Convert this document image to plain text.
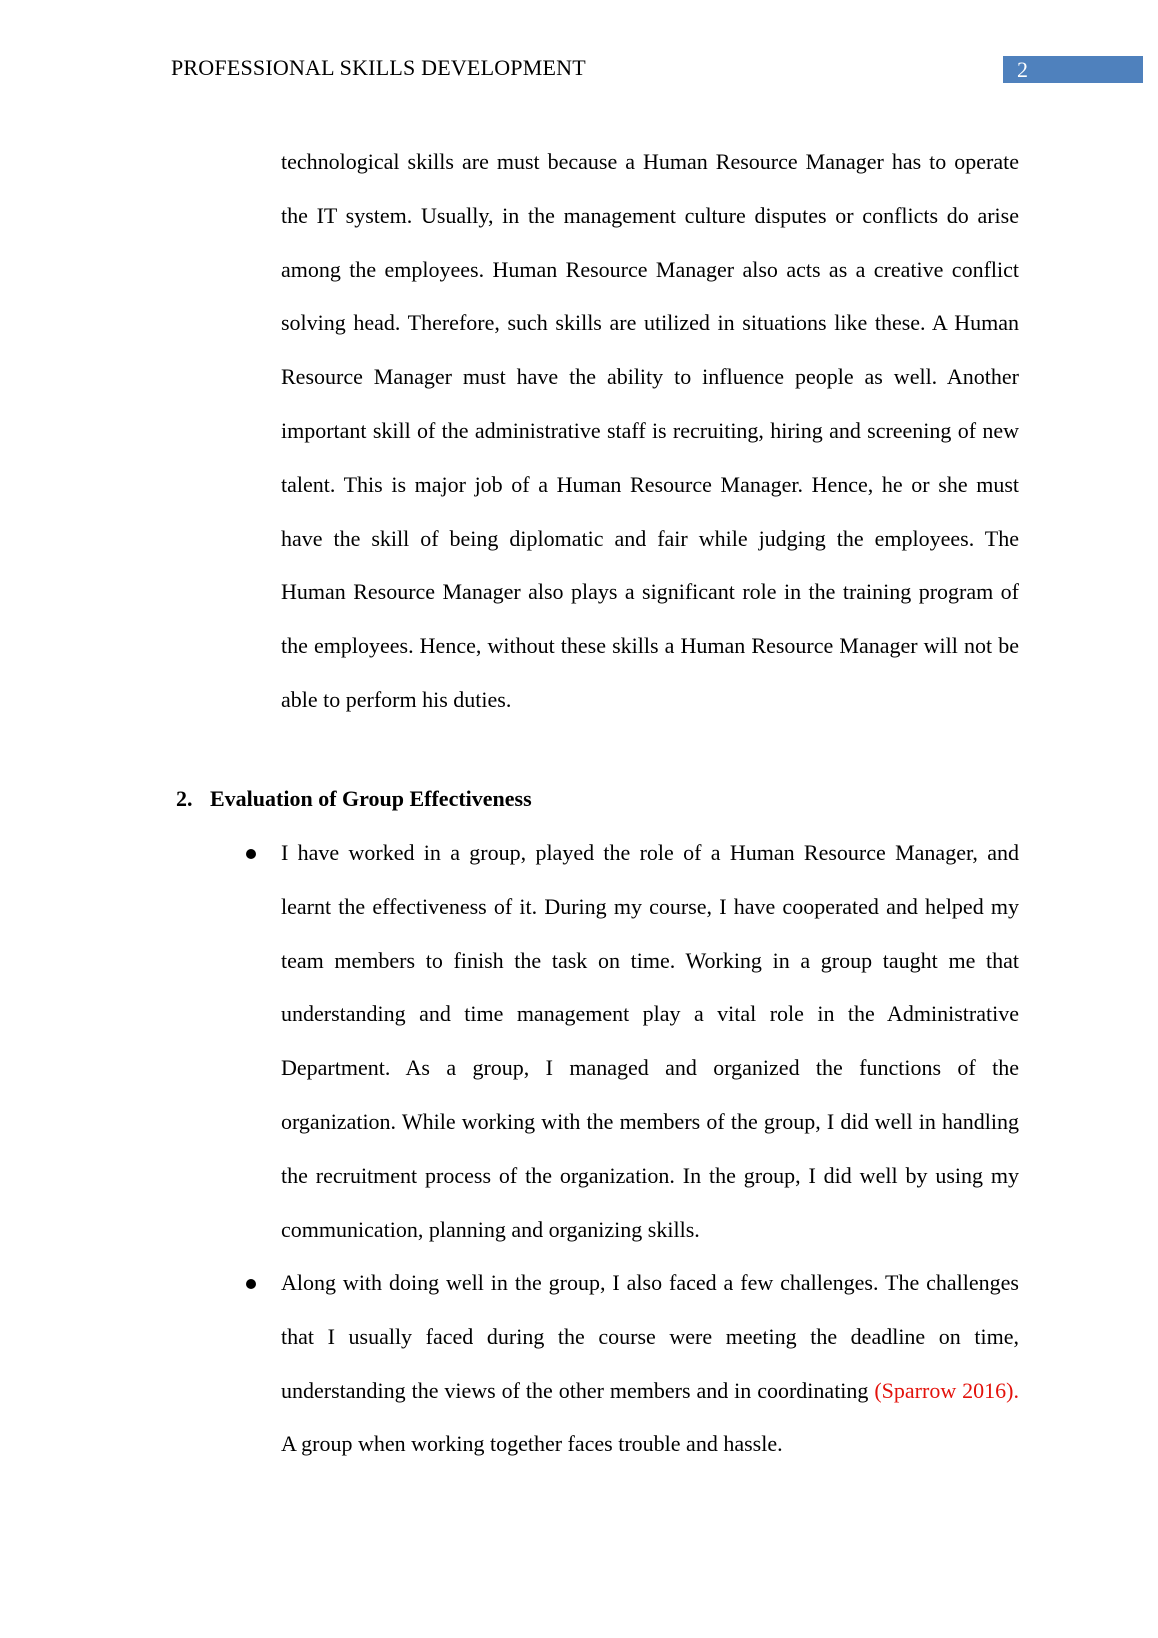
PROFESSIONAL SKILLS DEVELOPMENT	2

technological skills are must because a Human Resource Manager has to operate the IT system. Usually, in the management culture disputes or conflicts do arise among the employees. Human Resource Manager also acts as a creative conflict solving head. Therefore, such skills are utilized in situations like these. A Human Resource Manager must have the ability to influence people as well. Another important skill of the administrative staff is recruiting, hiring and screening of new talent. This is major job of a Human Resource Manager. Hence, he or she must have the skill of being diplomatic and fair while judging the employees. The Human Resource Manager also plays a significant role in the training program of the employees. Hence, without these skills a Human Resource Manager will not be able to perform his duties.

2. Evaluation of Group Effectiveness
I have worked in a group, played the role of a Human Resource Manager, and learnt the effectiveness of it. During my course, I have cooperated and helped my team members to finish the task on time. Working in a group taught me that understanding and time management play a vital role in the Administrative Department. As a group, I managed and organized the functions of the organization. While working with the members of the group, I did well in handling the recruitment process of the organization. In the group, I did well by using my communication, planning and organizing skills.
Along with doing well in the group, I also faced a few challenges. The challenges that I usually faced during the course were meeting the deadline on time, understanding the views of the other members and in coordinating (Sparrow 2016). A group when working together faces trouble and hassle.
